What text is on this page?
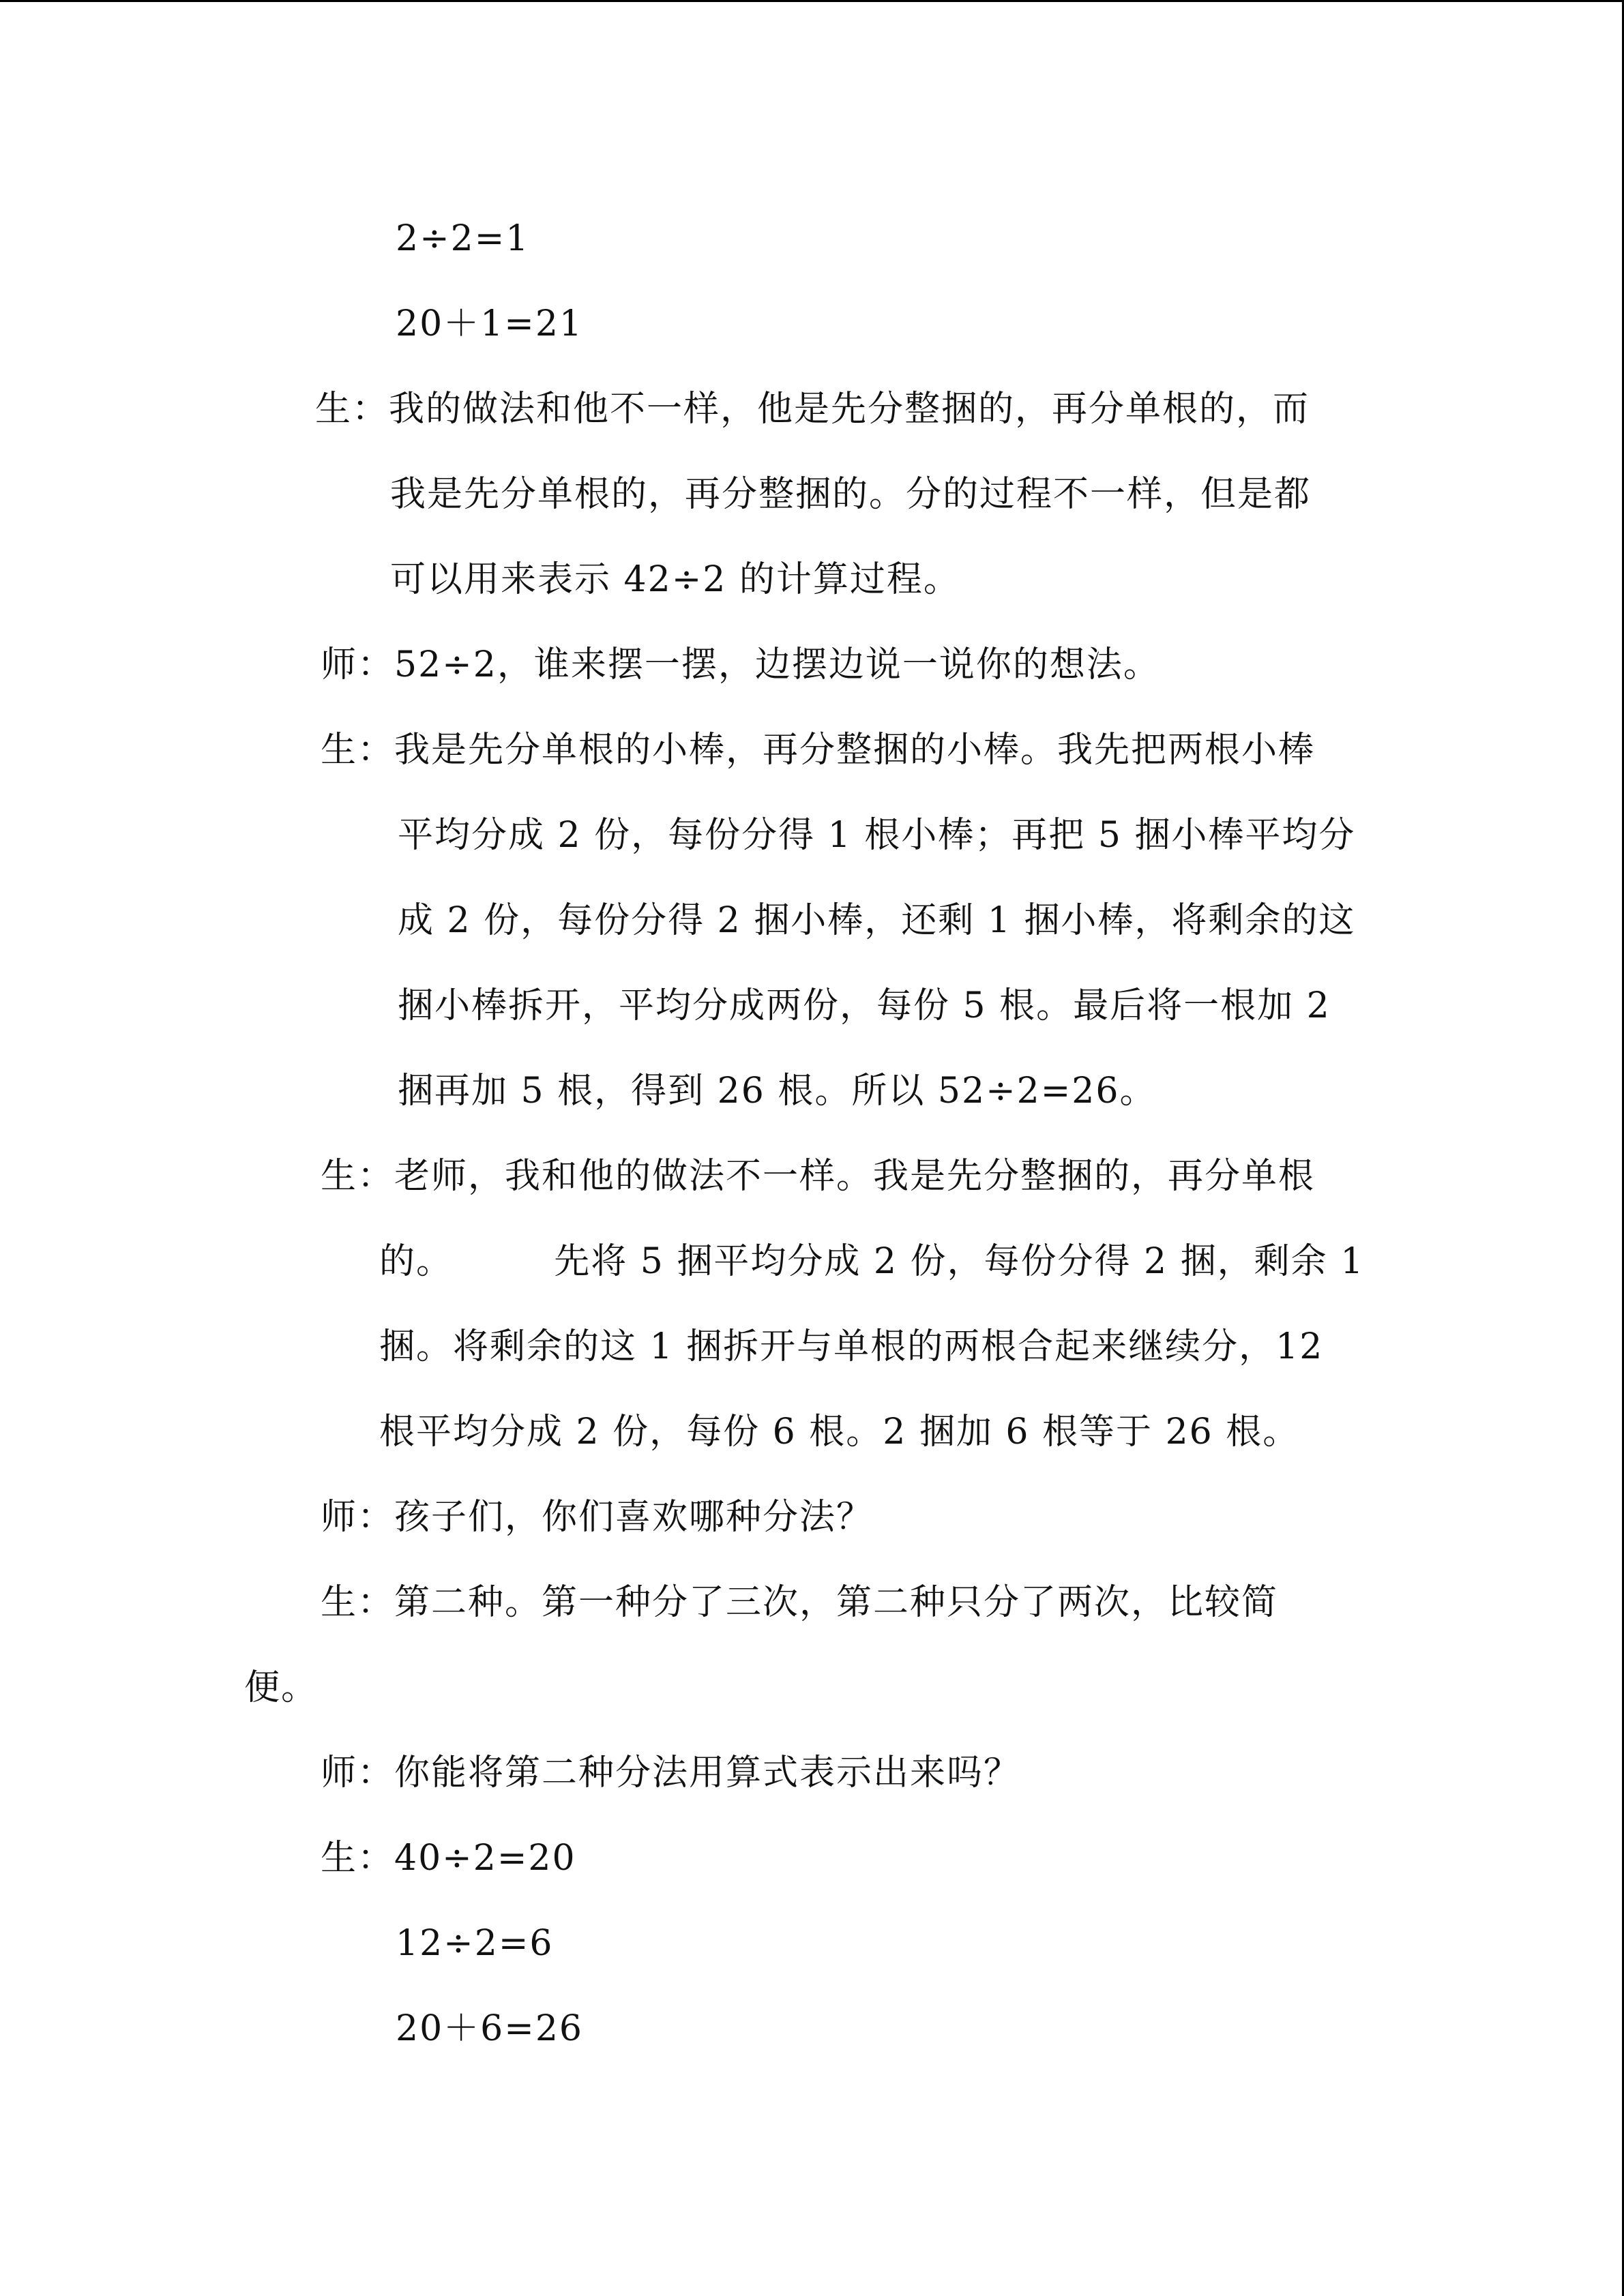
2÷2=1
20＋1=21
生：我的做法和他不一样，他是先分整捆的，再分单根的，而
我是先分单根的，再分整捆的。分的过程不一样，但是都
可以用来表示 42÷2 的计算过程。
师：52÷2，谁来摆一摆，边摆边说一说你的想法。
生：我是先分单根的小棒，再分整捆的小棒。我先把两根小棒
平均分成 2 份，每份分得 1 根小棒；再把 5 捆小棒平均分
成 2 份，每份分得 2 捆小棒，还剩 1 捆小棒，将剩余的这
捆小棒拆开，平均分成两份，每份 5 根。最后将一根加 2
捆再加 5 根，得到 26 根。所以 52÷2=26。
生：老师，我和他的做法不一样。我是先分整捆的，再分单根
的。        先将 5 捆平均分成 2 份，每份分得 2 捆，剩余 1
捆。将剩余的这 1 捆拆开与单根的两根合起来继续分，12
根平均分成 2 份，每份 6 根。2 捆加 6 根等于 26 根。
师：孩子们，你们喜欢哪种分法？
生：第二种。第一种分了三次，第二种只分了两次，比较简
便。
师：你能将第二种分法用算式表示出来吗？
生：40÷2=20
12÷2=6
20＋6=26
